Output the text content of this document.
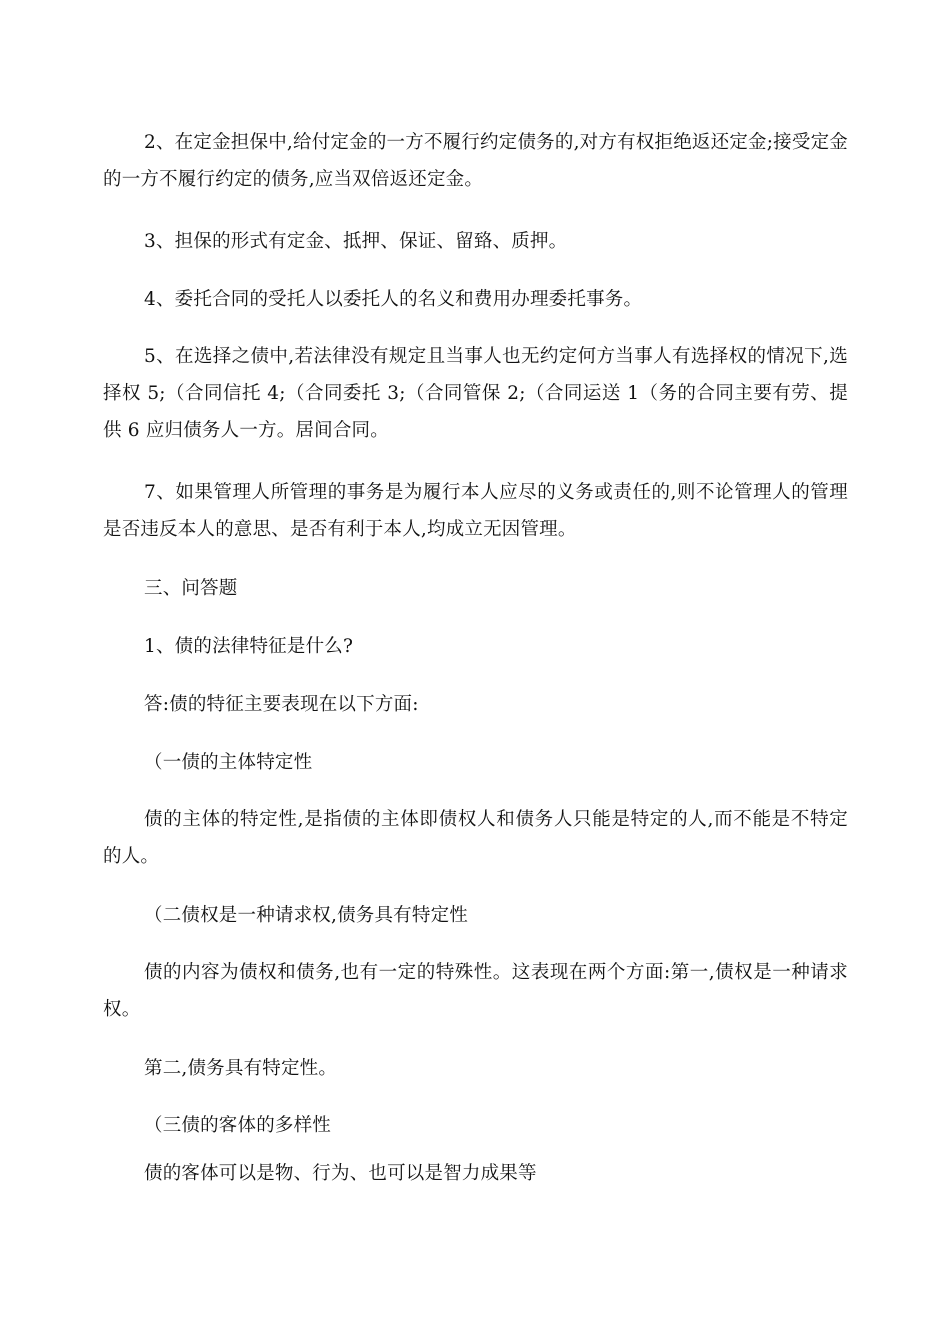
2、在定金担保中,给付定金的一方不履行约定债务的,对方有权拒绝返还定金;接受定金的一方不履行约定的债务,应当双倍返还定金。
3、担保的形式有定金、抵押、保证、留臵、质押。
4、委托合同的受托人以委托人的名义和费用办理委托事务。
5、在选择之债中,若法律没有规定且当事人也无约定何方当事人有选择权的情况下,选择权 5;（合同信托 4;（合同委托 3;（合同管保 2;（合同运送 1（务的合同主要有劳、提供 6 应归债务人一方。居间合同。
7、如果管理人所管理的事务是为履行本人应尽的义务或责任的,则不论管理人的管理是否违反本人的意思、是否有利于本人,均成立无因管理。
三、问答题
1、债的法律特征是什么?
答:债的特征主要表现在以下方面:
（一债的主体特定性
债的主体的特定性,是指债的主体即债权人和债务人只能是特定的人,而不能是不特定的人。
（二债权是一种请求权,债务具有特定性
债的内容为债权和债务,也有一定的特殊性。这表现在两个方面:第一,债权是一种请求权。
第二,债务具有特定性。
（三债的客体的多样性
债的客体可以是物、行为、也可以是智力成果等
